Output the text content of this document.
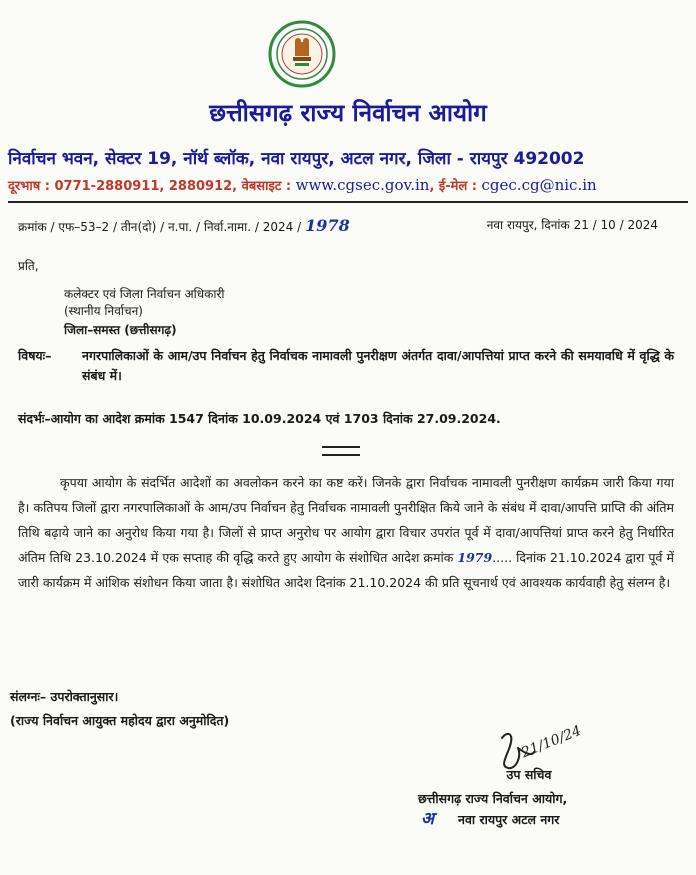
छत्तीसगढ़ राज्य निर्वाचन आयोग
निर्वाचन भवन, सेक्टर 19, नॉर्थ ब्लॉक, नवा रायपुर, अटल नगर, जिला - रायपुर 492002
दूरभाष : 0771-2880911, 2880912, वेबसाइट : www.cgsec.gov.in, ई-मेल : cgec.cg@nic.in
क्रमांक / एफ–53–2 / तीन(दो) / न.पा. / निर्वा.नामा. / 2024 / 1978	नवा रायपुर, दिनांक 21 / 10 / 2024
प्रति,
कलेक्टर एवं जिला निर्वाचन अधिकारी
(स्थानीय निर्वाचन)
जिला–समस्त (छत्तीसगढ़)
विषयः– नगरपालिकाओं के आम/उप निर्वाचन हेतु निर्वाचक नामावली पुनरीक्षण अंतर्गत दावा/आपत्तियां प्राप्त करने की समयावधि में वृद्धि के संबंध में।
संदर्भः–आयोग का आदेश क्रमांक 1547 दिनांक 10.09.2024 एवं 1703 दिनांक 27.09.2024.
कृपया आयोग के संदर्भित आदेशों का अवलोकन करने का कष्ट करें। जिनके द्वारा निर्वाचक नामावली पुनरीक्षण कार्यक्रम जारी किया गया है। कतिपय जिलों द्वारा नगरपालिकाओं के आम/उप निर्वाचन हेतु निर्वाचक नामावली पुनरीक्षित किये जाने के संबंध में दावा/आपत्ति प्राप्ति की अंतिम तिथि बढ़ाये जाने का अनुरोध किया गया है। जिलों से प्राप्त अनुरोध पर आयोग द्वारा विचार उपरांत पूर्व में दावा/आपत्तियां प्राप्त करने हेतु निर्धारित अंतिम तिथि 23.10.2024 में एक सप्ताह की वृद्धि करते हुए आयोग के संशोधित आदेश क्रमांक 1979..... दिनांक 21.10.2024 द्वारा पूर्व में जारी कार्यक्रम में आंशिक संशोधन किया जाता है। संशोधित आदेश दिनांक 21.10.2024 की प्रति सूचनार्थ एवं आवश्यक कार्यवाही हेतु संलग्न है।
संलग्नः– उपरोक्तानुसार।
(राज्य निर्वाचन आयुक्त महोदय द्वारा अनुमोदित)
21/10/24
उप सचिव
छत्तीसगढ़ राज्य निर्वाचन आयोग,
अ नवा रायपुर अटल नगर
